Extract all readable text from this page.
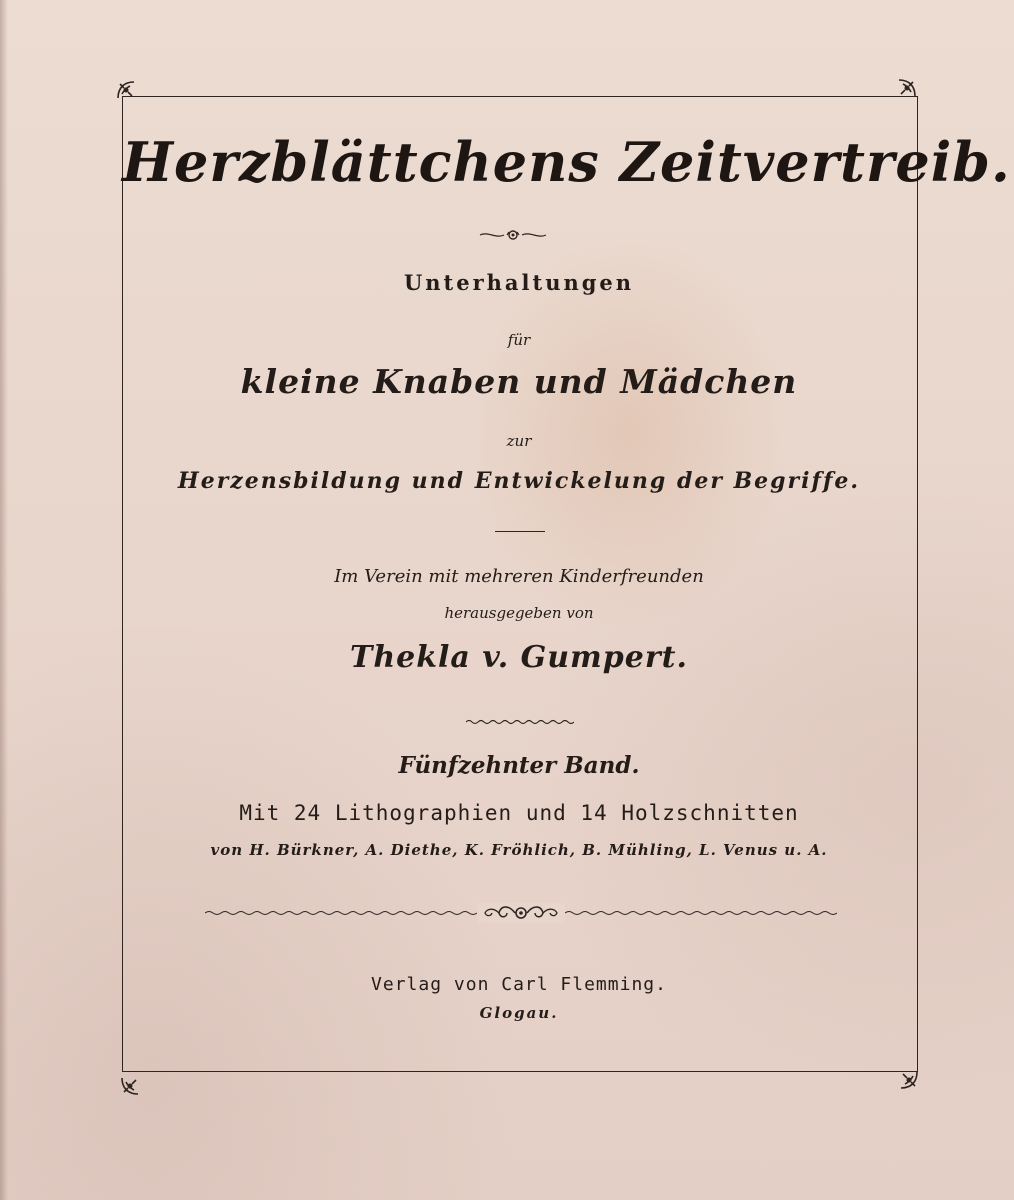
Herzblättchens Zeitvertreib.
Unterhaltungen
für
kleine Knaben und Mädchen
zur
Herzensbildung und Entwickelung der Begriffe.
Im Verein mit mehreren Kinderfreunden
herausgegeben von
Thekla v. Gumpert.
Fünfzehnter Band.
Mit 24 Lithographien und 14 Holzschnitten
von H. Bürkner, A. Diethe, K. Fröhlich, B. Mühling, L. Venus u. A.
Verlag von Carl Flemming.
Glogau.
